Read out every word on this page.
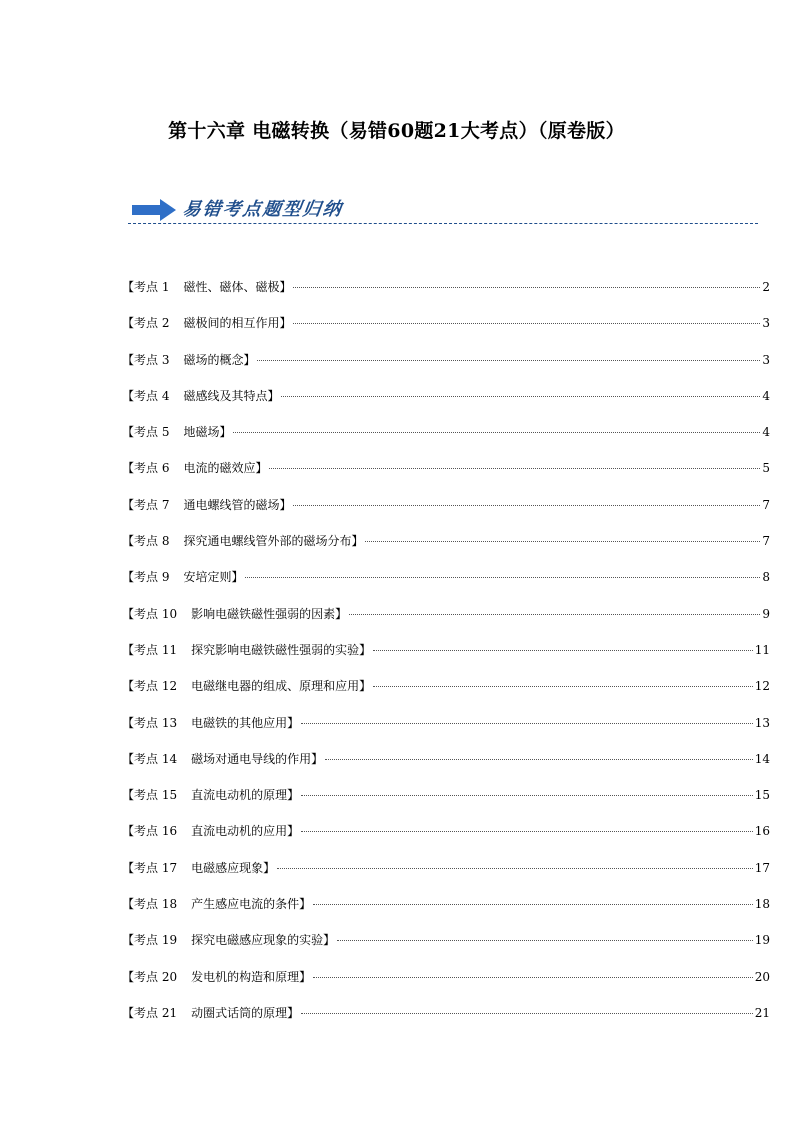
第十六章 电磁转换（易错60题21大考点）（原卷版）
易错考点题型归纳
【考点 1 磁性、磁体、磁极】	2
【考点 2 磁极间的相互作用】	3
【考点 3 磁场的概念】	3
【考点 4 磁感线及其特点】	4
【考点 5 地磁场】	4
【考点 6 电流的磁效应】	5
【考点 7 通电螺线管的磁场】	7
【考点 8 探究通电螺线管外部的磁场分布】	7
【考点 9 安培定则】	8
【考点 10 影响电磁铁磁性强弱的因素】	9
【考点 11 探究影响电磁铁磁性强弱的实验】	11
【考点 12 电磁继电器的组成、原理和应用】	12
【考点 13 电磁铁的其他应用】	13
【考点 14 磁场对通电导线的作用】	14
【考点 15 直流电动机的原理】	15
【考点 16 直流电动机的应用】	16
【考点 17 电磁感应现象】	17
【考点 18 产生感应电流的条件】	18
【考点 19 探究电磁感应现象的实验】	19
【考点 20 发电机的构造和原理】	20
【考点 21 动圈式话筒的原理】	21
